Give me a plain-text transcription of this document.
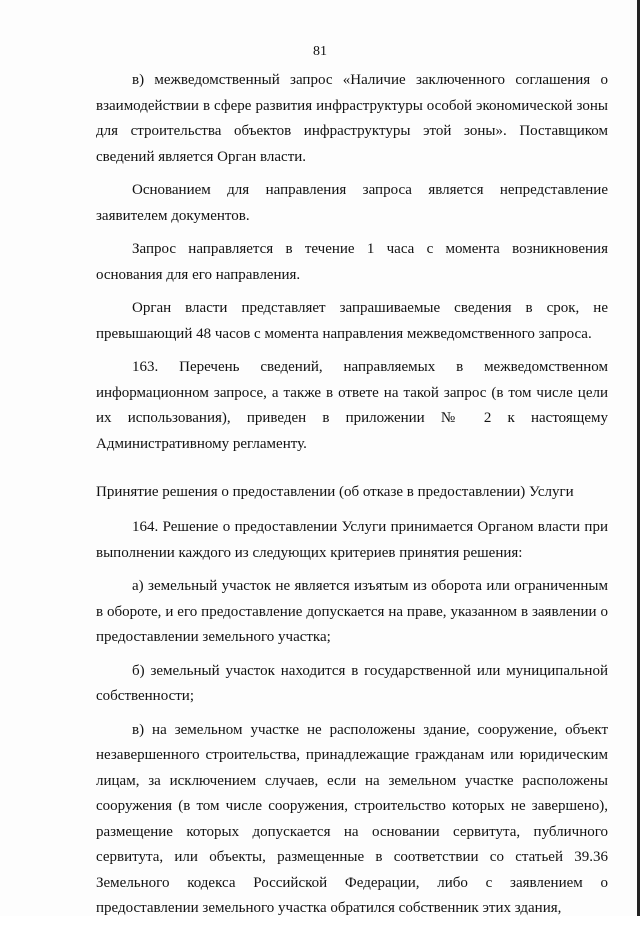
81

в) межведомственный запрос «Наличие заключенного соглашения о взаимодействии в сфере развития инфраструктуры особой экономической зоны для строительства объектов инфраструктуры этой зоны». Поставщиком сведений является Орган власти.

Основанием для направления запроса является непредставление заявителем документов.

Запрос направляется в течение 1 часа с момента возникновения основания для его направления.

Орган власти представляет запрашиваемые сведения в срок, не превышающий 48 часов с момента направления межведомственного запроса.

163. Перечень сведений, направляемых в межведомственном информационном запросе, а также в ответе на такой запрос (в том числе цели их использования), приведен в приложении № 2 к настоящему Административному регламенту.

Принятие решения о предоставлении (об отказе в предоставлении) Услуги

164. Решение о предоставлении Услуги принимается Органом власти при выполнении каждого из следующих критериев принятия решения:

а) земельный участок не является изъятым из оборота или ограниченным в обороте, и его предоставление допускается на праве, указанном в заявлении о предоставлении земельного участка;

б) земельный участок находится в государственной или муниципальной собственности;

в) на земельном участке не расположены здание, сооружение, объект незавершенного строительства, принадлежащие гражданам или юридическим лицам, за исключением случаев, если на земельном участке расположены сооружения (в том числе сооружения, строительство которых не завершено), размещение которых допускается на основании сервитута, публичного сервитута, или объекты, размещенные в соответствии со статьей 39.36 Земельного кодекса Российской Федерации, либо с заявлением о предоставлении земельного участка обратился собственник этих здания,
